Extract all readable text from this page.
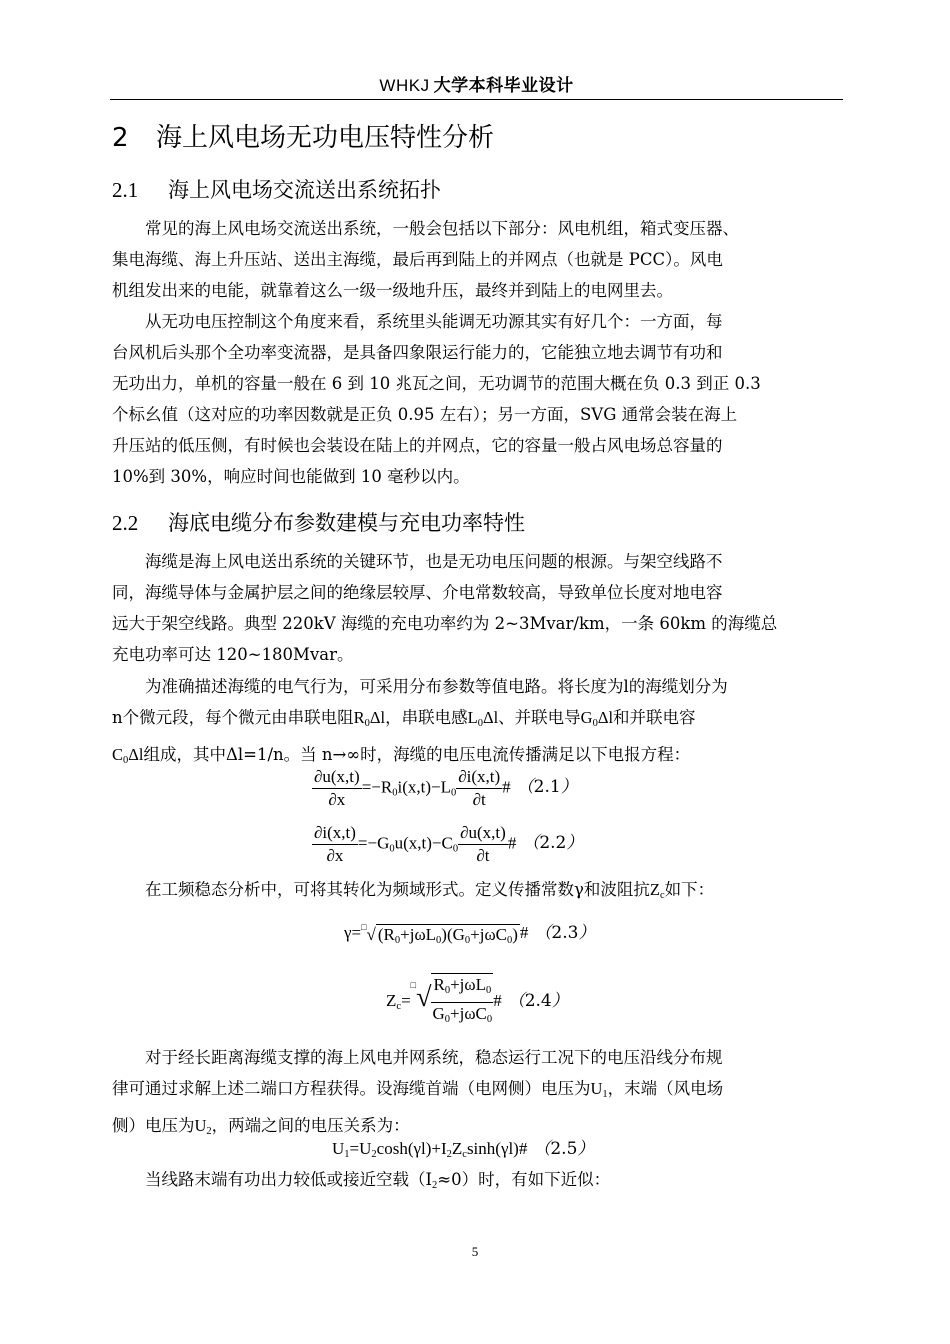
WHKJ 大学本科毕业设计
2 海上风电场无功电压特性分析
2.1 海上风电场交流送出系统拓扑
常见的海上风电场交流送出系统，一般会包括以下部分：风电机组，箱式变压器、
集电海缆、海上升压站、送出主海缆，最后再到陆上的并网点（也就是 PCC）。风电
机组发出来的电能，就靠着这么一级一级地升压，最终并到陆上的电网里去。
从无功电压控制这个角度来看，系统里头能调无功源其实有好几个：一方面，每
台风机后头那个全功率变流器，是具备四象限运行能力的，它能独立地去调节有功和
无功出力，单机的容量一般在 6 到 10 兆瓦之间，无功调节的范围大概在负 0.3 到正 0.3
个标幺值（这对应的功率因数就是正负 0.95 左右）；另一方面，SVG 通常会装在海上
升压站的低压侧，有时候也会装设在陆上的并网点，它的容量一般占风电场总容量的
10%到 30%，响应时间也能做到 10 毫秒以内。
2.2 海底电缆分布参数建模与充电功率特性
海缆是海上风电送出系统的关键环节，也是无功电压问题的根源。与架空线路不
同，海缆导体与金属护层之间的绝缘层较厚、介电常数较高，导致单位长度对地电容
远大于架空线路。典型 220kV 海缆的充电功率约为 2~3Mvar/km，一条 60km 的海缆总
充电功率可达 120~180Mvar。
为准确描述海缆的电气行为，可采用分布参数等值电路。将长度为l的海缆划分为
n个微元段，每个微元由串联电阻$R_0\Delta l$，串联电感$L_0\Delta l$、并联电导$G_0\Delta l$和并联电容
$C_0\Delta l$组成，其中Δl=1/n。当 n→∞时，海缆的电压电流传播满足以下电报方程：
$\frac{\partial u(x,t)}{\partial x} =-R_0i(x,t)-L_0 \frac{\partial i(x,t)}{\partial t}$ # （2.1）
$\frac{\partial i(x,t)}{\partial x} =-G_0u(x,t)-C_0 \frac{\partial u(x,t)}{\partial t}$ # （2.2）
在工频稳态分析中，可将其转化为频域形式。定义传播常数γ和波阻抗$Z_c$如下：
γ=□√ $(R_0+j\omega L_0)(G_0+j\omega C_0)$ # （2.3）
$Z_c=^□√ \frac{R_0+j\omega L_0}{G_0+j\omega C_0}$ # （2.4）
对于经长距离海缆支撑的海上风电并网系统，稳态运行工况下的电压沿线分布规
律可通过求解上述二端口方程获得。设海缆首端（电网侧）电压为$U_1$，末端（风电场
侧）电压为$U_2$，两端之间的电压关系为：
$U_1=U_2\cosh(\gamma l)+I_2Z_c\sinh(\gamma l)\#$ （2.5）
当线路末端有功出力较低或接近空载$(I_2\approx 0)$时，有如下近似：
5
